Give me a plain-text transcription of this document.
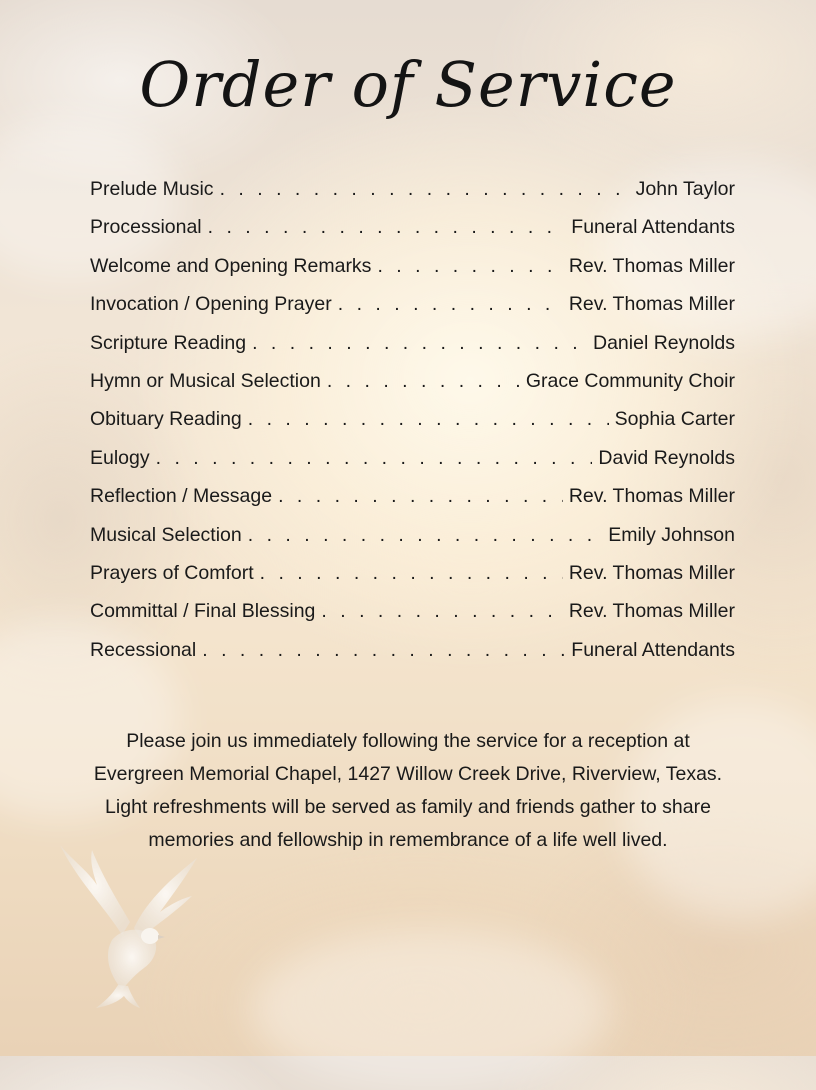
Order of Service
Prelude Music . . .	John Taylor
Processional . . .	Funeral Attendants
Welcome and Opening Remarks . . .	Rev. Thomas Miller
Invocation / Opening Prayer . . .	Rev. Thomas Miller
Scripture Reading . . .	Daniel Reynolds
Hymn or Musical Selection . . .	Grace Community Choir
Obituary Reading . . .	Sophia Carter
Eulogy . . .	David Reynolds
Reflection / Message . . .	Rev. Thomas Miller
Musical Selection . . .	Emily Johnson
Prayers of Comfort . . .	Rev. Thomas Miller
Committal / Final Blessing . . .	Rev. Thomas Miller
Recessional . . .	Funeral Attendants
Please join us immediately following the service for a reception at Evergreen Memorial Chapel, 1427 Willow Creek Drive, Riverview, Texas. Light refreshments will be served as family and friends gather to share memories and fellowship in remembrance of a life well lived.
